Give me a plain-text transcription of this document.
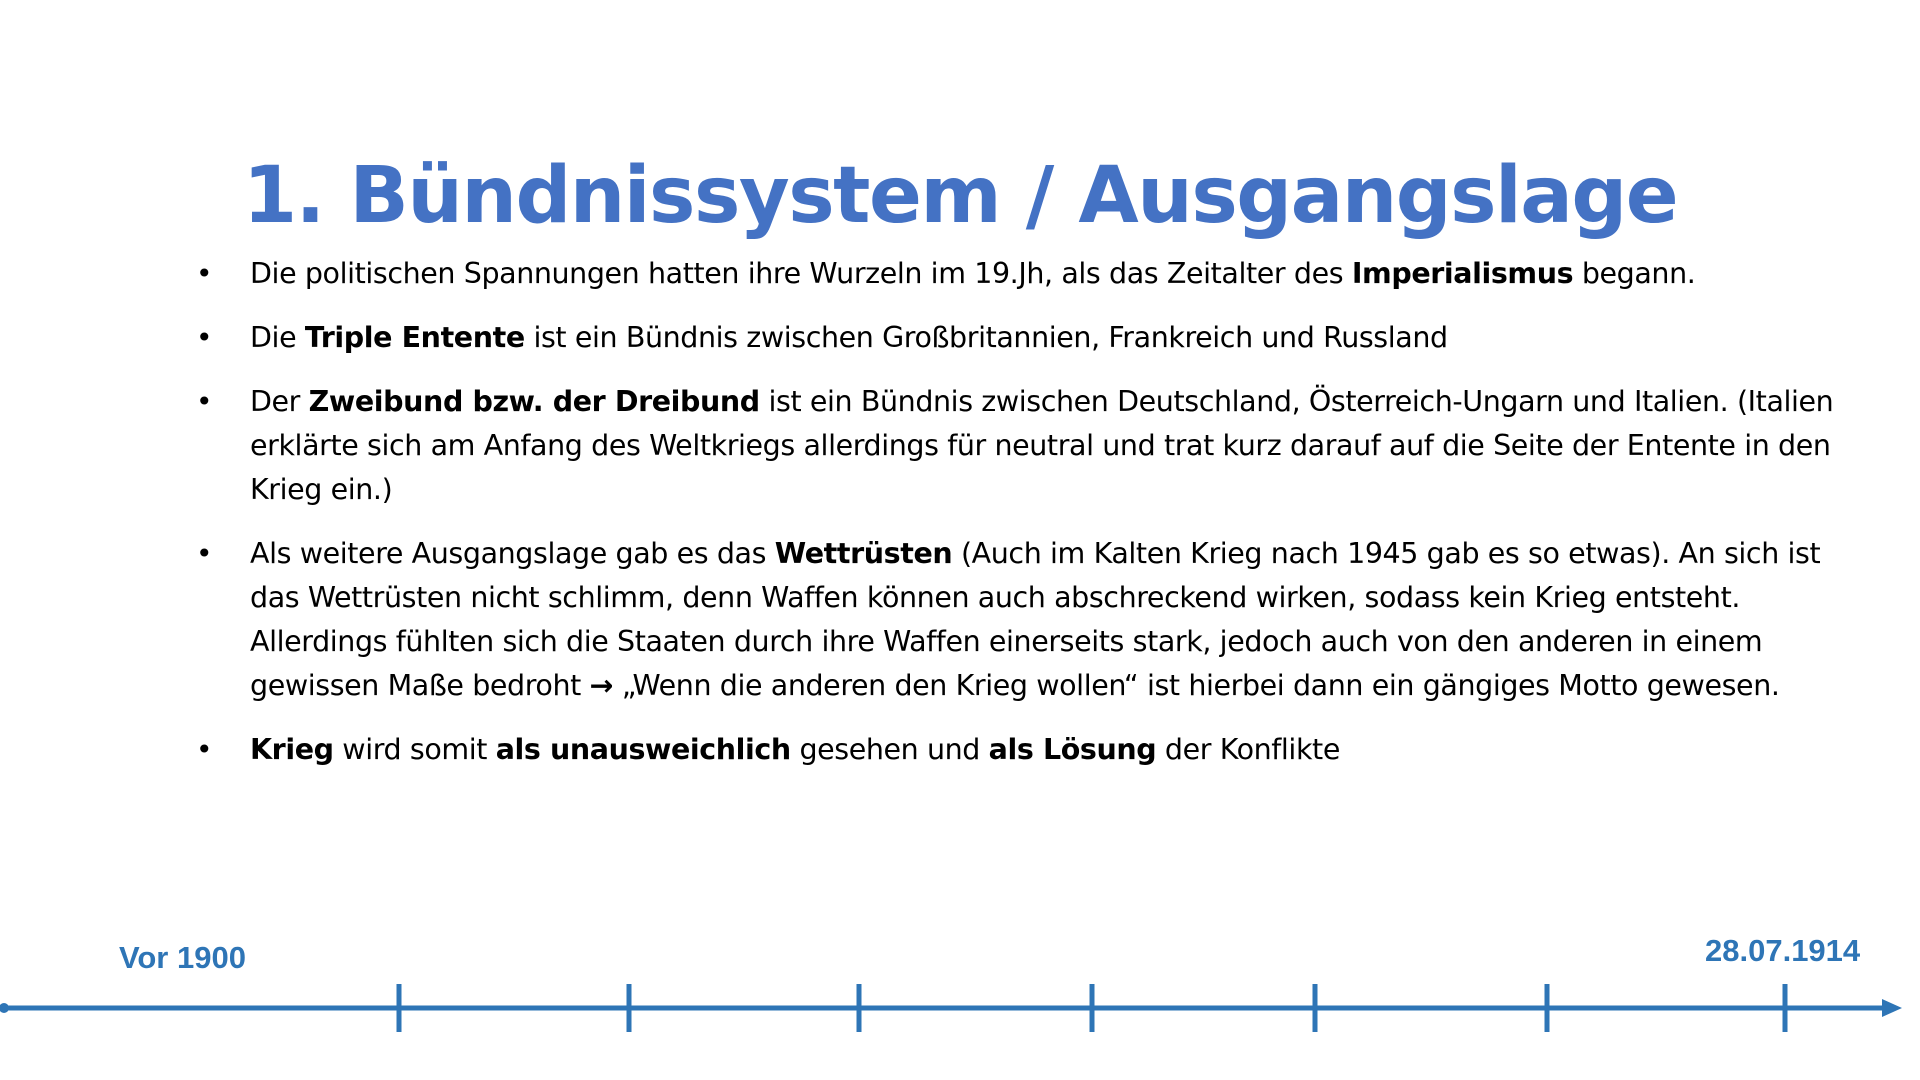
1. Bündnissystem / Ausgangslage
• Die politischen Spannungen hatten ihre Wurzeln im 19.Jh, als das Zeitalter des Imperialismus begann.
• Die Triple Entente ist ein Bündnis zwischen Großbritannien, Frankreich und Russland
• Der Zweibund bzw. der Dreibund ist ein Bündnis zwischen Deutschland, Österreich-Ungarn und Italien. (Italien erklärte sich am Anfang des Weltkriegs allerdings für neutral und trat kurz darauf auf die Seite der Entente in den Krieg ein.)
• Als weitere Ausgangslage gab es das Wettrüsten (Auch im Kalten Krieg nach 1945 gab es so etwas). An sich ist das Wettrüsten nicht schlimm, denn Waffen können auch abschreckend wirken, sodass kein Krieg entsteht. Allerdings fühlten sich die Staaten durch ihre Waffen einerseits stark, jedoch auch von den anderen in einem gewissen Maße bedroht → „Wenn die anderen den Krieg wollen“ ist hierbei dann ein gängiges Motto gewesen.
• Krieg wird somit als unausweichlich gesehen und als Lösung der Konflikte
Vor 1900	28.07.1914
